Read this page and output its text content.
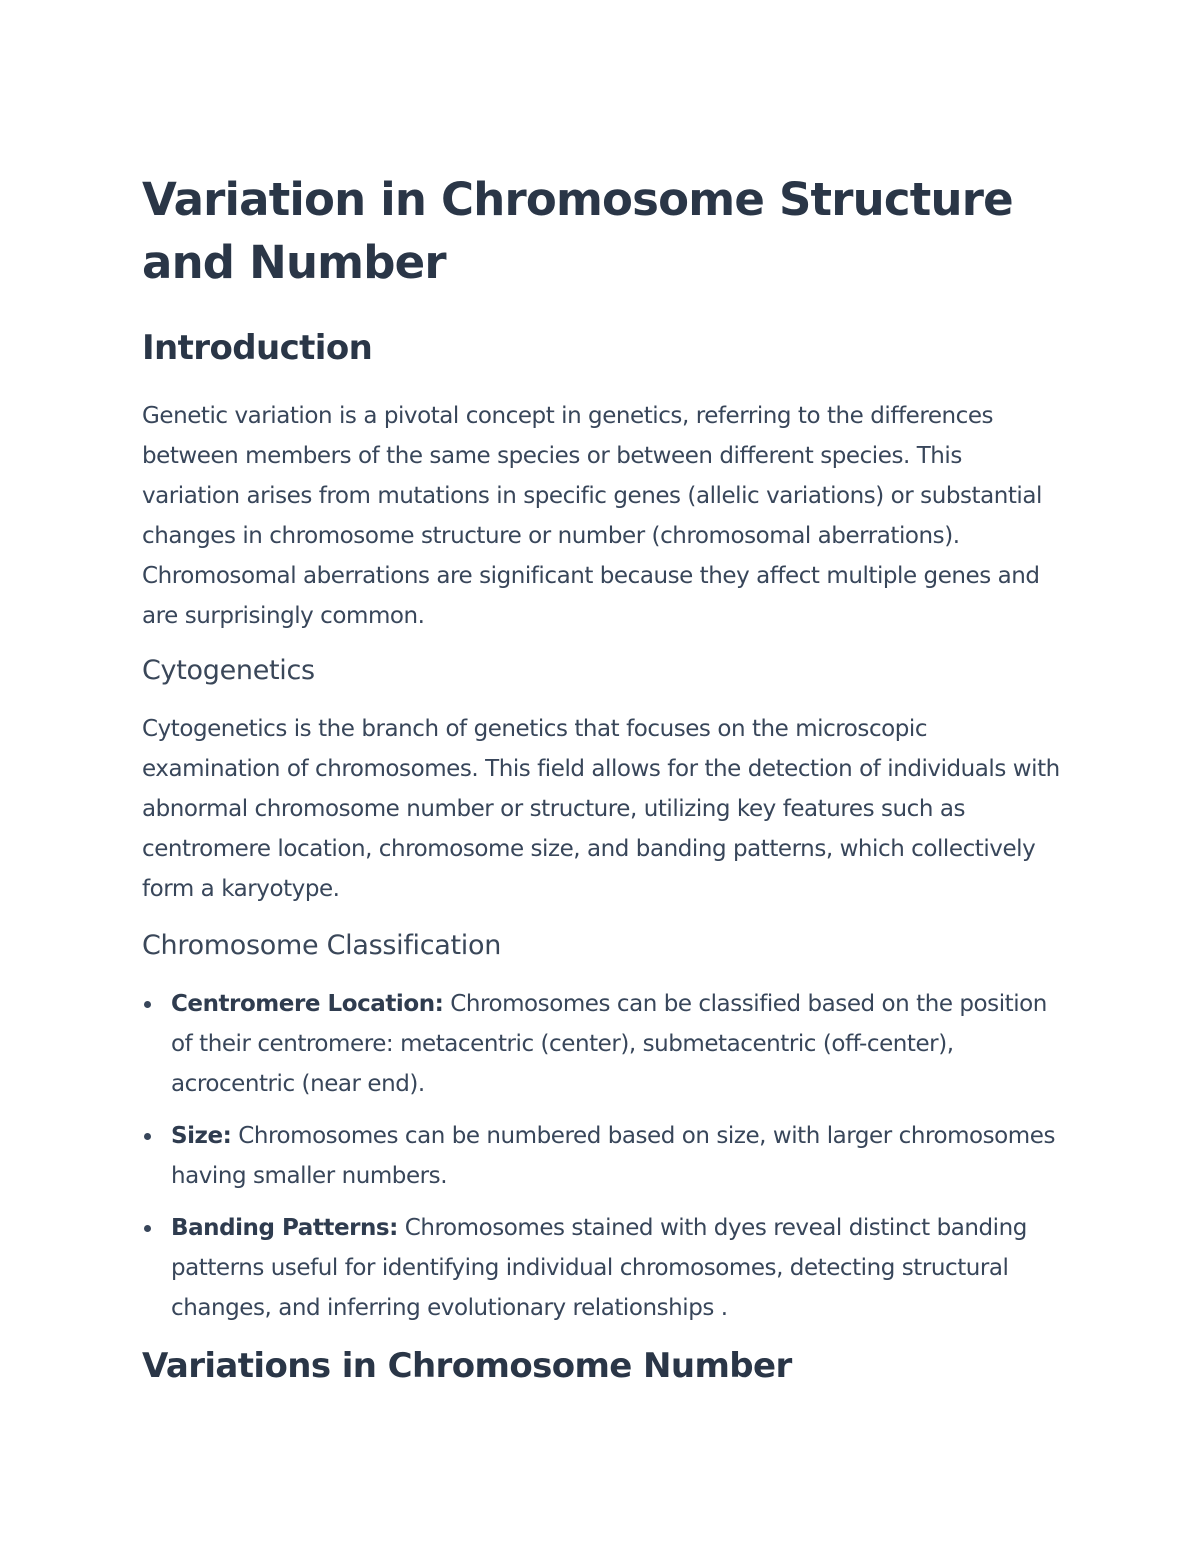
Variation in Chromosome Structure and Number
Introduction

Genetic variation is a pivotal concept in genetics, referring to the differences between members of the same species or between different species. This variation arises from mutations in specific genes (allelic variations) or substantial changes in chromosome structure or number (chromosomal aberrations). Chromosomal aberrations are significant because they affect multiple genes and are surprisingly common.

Cytogenetics

Cytogenetics is the branch of genetics that focuses on the microscopic examination of chromosomes. This field allows for the detection of individuals with abnormal chromosome number or structure, utilizing key features such as centromere location, chromosome size, and banding patterns, which collectively form a karyotype.

Chromosome Classification
Centromere Location: Chromosomes can be classified based on the position of their centromere: metacentric (center), submetacentric (off-center), acrocentric (near end).
Size: Chromosomes can be numbered based on size, with larger chromosomes having smaller numbers.
Banding Patterns: Chromosomes stained with dyes reveal distinct banding patterns useful for identifying individual chromosomes, detecting structural changes, and inferring evolutionary relationships .
Variations in Chromosome Number
